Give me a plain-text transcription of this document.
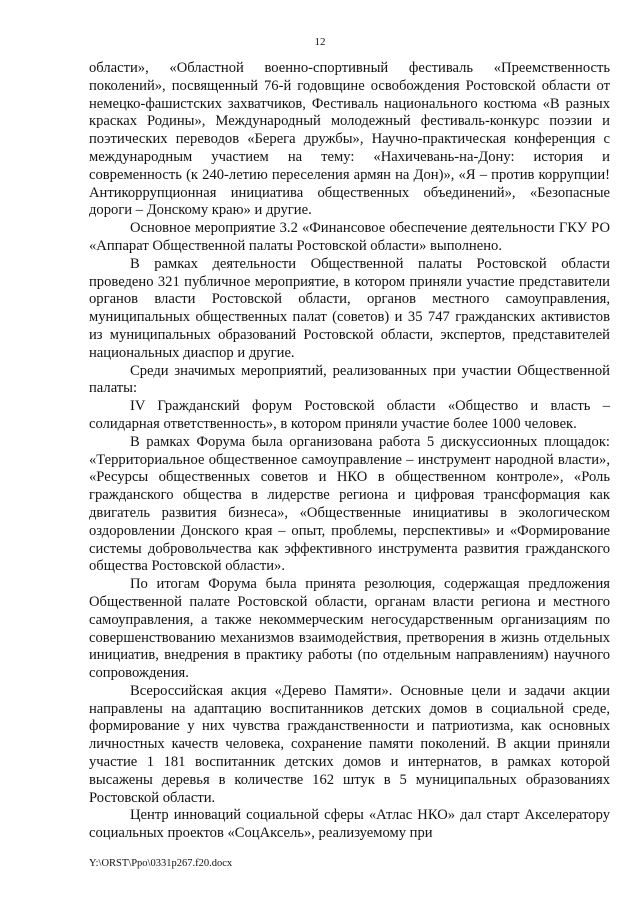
12

области», «Областной военно-спортивный фестиваль «Преемственность поколений», посвященный 76-й годовщине освобождения Ростовской области от немецко-фашистских захватчиков, Фестиваль национального костюма «В разных красках Родины», Международный молодежный фестиваль-конкурс поэзии и поэтических переводов «Берега дружбы», Научно-практическая конференция с международным участием на тему: «Нахичевань-на-Дону: история и современность (к 240-летию переселения армян на Дон)», «Я – против коррупции! Антикоррупционная инициатива общественных объединений», «Безопасные дороги – Донскому краю» и другие.

Основное мероприятие 3.2 «Финансовое обеспечение деятельности ГКУ РО «Аппарат Общественной палаты Ростовской области» выполнено.

В рамках деятельности Общественной палаты Ростовской области проведено 321 публичное мероприятие, в котором приняли участие представители органов власти Ростовской области, органов местного самоуправления, муниципальных общественных палат (советов) и 35 747 гражданских активистов из муниципальных образований Ростовской области, экспертов, представителей национальных диаспор и другие.

Среди значимых мероприятий, реализованных при участии Общественной палаты:

IV Гражданский форум Ростовской области «Общество и власть – солидарная ответственность», в котором приняли участие более 1000 человек.

В рамках Форума была организована работа 5 дискуссионных площадок: «Территориальное общественное самоуправление – инструмент народной власти», «Ресурсы общественных советов и НКО в общественном контроле», «Роль гражданского общества в лидерстве региона и цифровая трансформация как двигатель развития бизнеса», «Общественные инициативы в экологическом оздоровлении Донского края – опыт, проблемы, перспективы» и «Формирование системы добровольчества как эффективного инструмента развития гражданского общества Ростовской области».

По итогам Форума была принята резолюция, содержащая предложения Общественной палате Ростовской области, органам власти региона и местного самоуправления, а также некоммерческим негосударственным организациям по совершенствованию механизмов взаимодействия, претворения в жизнь отдельных инициатив, внедрения в практику работы (по отдельным направлениям) научного сопровождения.

Всероссийская акция «Дерево Памяти». Основные цели и задачи акции направлены на адаптацию воспитанников детских домов в социальной среде, формирование у них чувства гражданственности и патриотизма, как основных личностных качеств человека, сохранение памяти поколений. В акции приняли участие 1 181 воспитанник детских домов и интернатов, в рамках которой высажены деревья в количестве 162 штук в 5 муниципальных образованиях Ростовской области.

Центр инноваций социальной сферы «Атлас НКО» дал старт Акселератору социальных проектов «СоцАксель», реализуемому при

Y:\ORST\Ppo\0331p267.f20.docx
